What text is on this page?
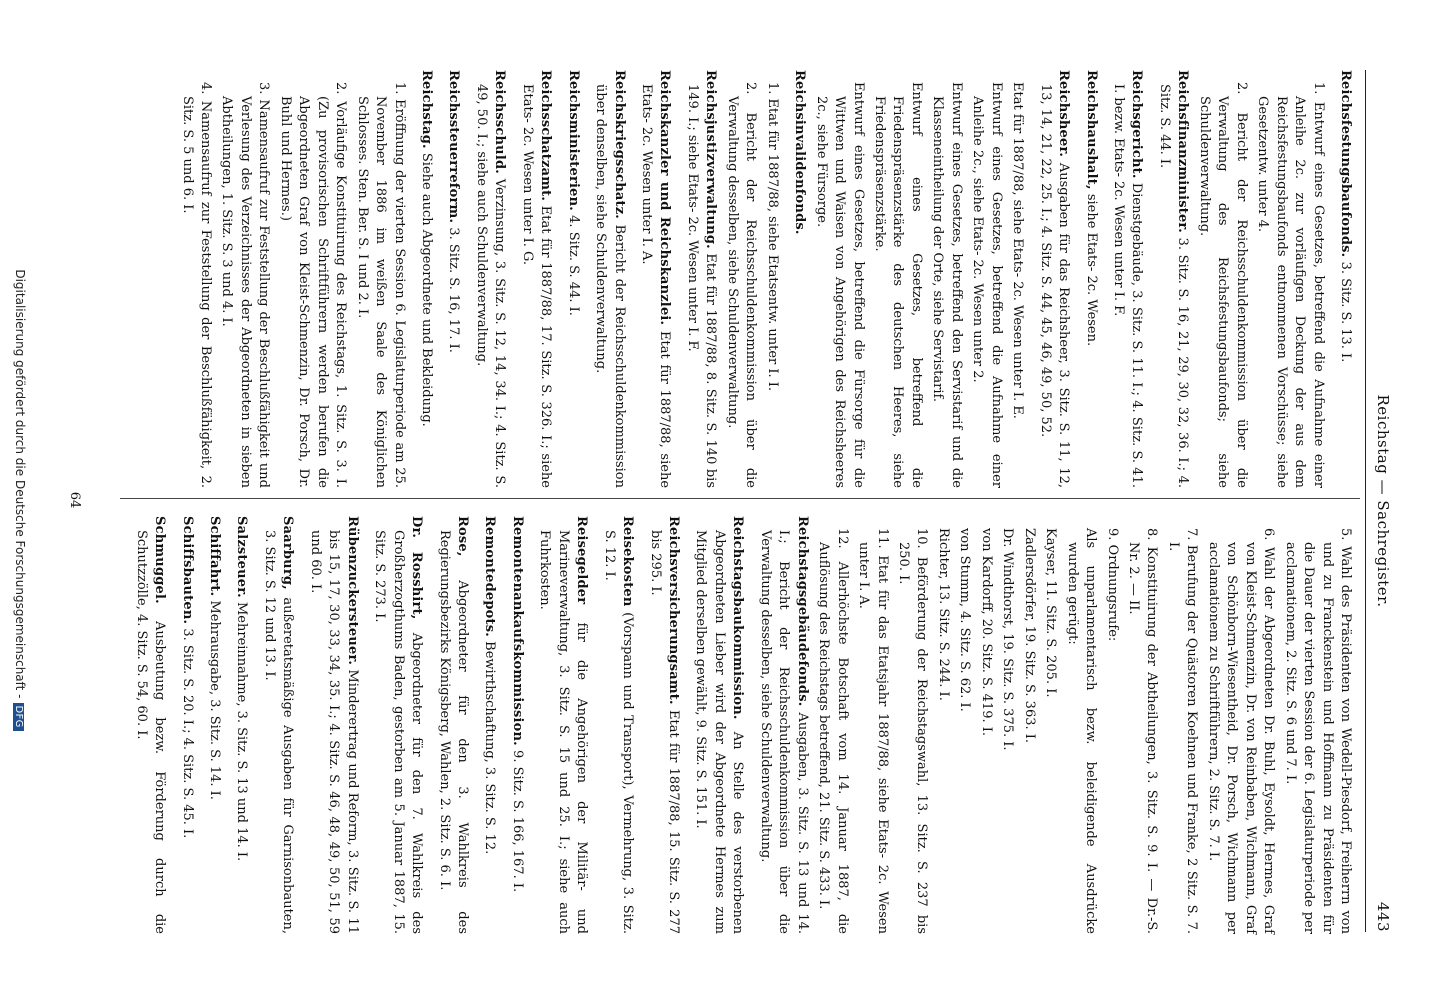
Reichstag — Sachregister.
443

Reichsfestungsbaufonds. 3. Sitz. S. 13. I.

1. Entwurf eines Gesetzes, betreffend die Aufnahme einer Anleihe 2c. zur vorläufigen Deckung der aus dem Reichsfestungsbaufonds entnommenen Vorschüsse; siehe Gesetzentw. unter 4.

2. Bericht der Reichsschuldenkommission über die Verwaltung des Reichsfestungsbaufonds; siehe Schuldenverwaltung.

Reichsfinanzminister. 3. Sitz. S. 16, 21, 29, 30, 32, 36. I.; 4. Sitz. S. 44. I.

Reichsgericht. Dienstgebäude, 3. Sitz. S. 11. I.; 4. Sitz. S. 41. I. bezw. Etats- 2c. Wesen unter I. F.

Reichshaushalt, siehe Etats- 2c. Wesen.

Reichsheer. Ausgaben für das Reichsheer, 3. Sitz. S. 11, 12, 13, 14, 21, 22, 25. I.; 4. Sitz. S. 44, 45, 46, 49, 50, 52.

Etat für 1887/88, siehe Etats- 2c. Wesen unter I. E.

Entwurf eines Gesetzes, betreffend die Aufnahme einer Anleihe 2c., siehe Etats- 2c. Wesen unter 2.

Entwurf eines Gesetzes, betreffend den Servistarif und die Klasseneintheilung der Orte, siehe Servistarif.

Entwurf eines Gesetzes, betreffend die Friedenspräsenzstärke des deutschen Heeres, siehe Friedenspräsenzstärke.

Entwurf eines Gesetzes, betreffend die Fürsorge für die Wittwen und Waisen von Angehörigen des Reichsheeres 2c., siehe Fürsorge.

Reichsinvalidenfonds.

1. Etat für 1887/88, siehe Etatsentw. unter I. I.

2. Bericht der Reichsschuldenkommission über die Verwaltung desselben, siehe Schuldenverwaltung.

Reichsjustizverwaltung. Etat für 1887/88, 8. Sitz. S. 140 bis 149. I.; siehe Etats- 2c. Wesen unter I. F.

Reichskanzler und Reichskanzlei. Etat für 1887/88, siehe Etats- 2c. Wesen unter I. A.

Reichskriegsschatz. Bericht der Reichsschuldenkommission über denselben, siehe Schuldenverwaltung.

Reichsministerien. 4. Sitz. S. 44. I.

Reichsschatzamt. Etat für 1887/88, 17. Sitz. S. 326. I.; siehe Etats- 2c. Wesen unter I. G.

Reichsschuld. Verzinsung, 3. Sitz. S. 12, 14, 34. I.; 4. Sitz. S. 49, 50. I.; siehe auch Schuldenverwaltung.

Reichssteuerreform. 3. Sitz. S. 16, 17. I.

Reichstag. Siehe auch Abgeordnete und Bekleidung.

1. Eröffnung der vierten Session 6. Legislaturperiode am 25. November 1886 im weißen Saale des Königlichen Schlosses. Sten. Ber. S. I und 2. I.

2. Vorläufige Konstituirung des Reichstags, 1. Sitz. S. 3. I. (Zu provisorischen Schriftführern werden berufen die Abgeordneten Graf von Kleist-Schmenzin, Dr. Porsch, Dr. Buhl und Hermes.)

3. Namensaufruf zur Feststellung der Beschlußfähigkeit und Verlesung des Verzeichnisses der Abgeordneten in sieben Abtheilungen, 1. Sitz. S. 3 und 4. I.

4. Namensaufruf zur Feststellung der Beschlußfähigkeit, 2. Sitz. S. 5 und 6. I.

5. Wahl des Präsidenten von Wedell-Piesdorf, Freiherrn von und zu Franckenstein und Hoffmann zu Präsidenten für die Dauer der vierten Session der 6. Legislaturperiode per acclamationem, 2. Sitz. S. 6 und 7. I.

6. Wahl der Abgeordneten Dr. Buhl, Eysoldt, Hermes, Graf von Kleist-Schmenzin, Dr. von Reinbaben, Wichmann, Graf von Schönborn-Wiesentheid, Dr. Porsch, Wichmann per acclamationem zu Schriftführern, 2. Sitz. S. 7. I.

7. Berufung der Quästoren Koehnen und Franke, 2 Sitz. S. 7. I.

8. Konstituirung der Abtheilungen, 3. Sitz. S. 9. I. — Dr.-S. Nr. 2. — II.

9. Ordnungsrufe:

Als unparlamentarisch bezw. beleidigende Ausdrücke wurden gerügt:

Kayser, 11. Sitz. S. 205. I.

Zadlersdörfer, 19. Sitz. S. 363. I.

Dr. Windthorst, 19. Sitz. S. 375. I.

von Kardorff, 20. Sitz. S. 419. I.

von Stumm, 4. Sitz. S. 62. I.

Richter, 13. Sitz. S. 244. I.

10. Beförderung der Reichstagswahl, 13. Sitz. S. 237 bis 250. I.

11. Etat für das Etatsjahr 1887/88, siehe Etats- 2c. Wesen unter I. A.

12. Allerhöchste Botschaft vom 14. Januar 1887, die Auflösung des Reichstags betreffend, 21. Sitz. S. 433. I.

Reichstagsgebäudefonds. Ausgaben, 3. Sitz. S. 13 und 14. I.; Bericht der Reichsschuldenkommission über die Verwaltung desselben, siehe Schuldenverwaltung.

Reichstagsbaukommission. An Stelle des verstorbenen Abgeordneten Lieber wird der Abgeordnete Hermes zum Mitglied derselben gewählt, 9. Sitz. S. 151. I.

Reichsversicherungsamt. Etat für 1887/88, 15. Sitz. S. 277 bis 295. I.

Reisekosten (Vorspann und Transport), Vermehrung, 3. Sitz. S. 12. I.

Reisegelder für die Angehörigen der Militär- und Marineverwaltung, 3. Sitz. S. 15 und 25. I.; siehe auch Fuhrkosten.

Remontenankaufskommission. 9. Sitz. S. 166, 167. I.

Remontedepots. Bewirthschaftung, 3. Sitz. S. 12.

Rose, Abgeordneter für den 3. Wahlkreis des Regierungsbezirks Königsberg, Wahlen, 2. Sitz. S. 6. I.

Dr. Rosshirt, Abgeordneter für den 7. Wahlkreis des Großherzogthums Baden, gestorben am 5. Januar 1887, 15. Sitz. S. 273. I.

Rübenzuckersteuer. Minderertrag und Reform, 3. Sitz. S. 11 bis 15, 17, 30, 33, 34, 35. I.; 4. Sitz. S. 46, 48, 49, 50, 51, 59 und 60. I.

Saarburg, außeretatsmäßige Ausgaben für Garnisonbauten, 3. Sitz. S. 12 und 13. I.

Salzsteuer. Mehreinnahme, 3. Sitz. S. 13 und 14. I.

Schiffahrt. Mehrausgabe, 3. Sitz. S. 14. I.

Schiffsbauten. 3. Sitz. S. 20. I.; 4. Sitz. S. 45. I.

Schmuggel. Ausbeutung bezw. Förderung durch die Schutzzölle, 4. Sitz. S. 54, 60. I.

64
Digitalisierung gefördert durch die Deutsche Forschungsgemeinschaft -DFG
